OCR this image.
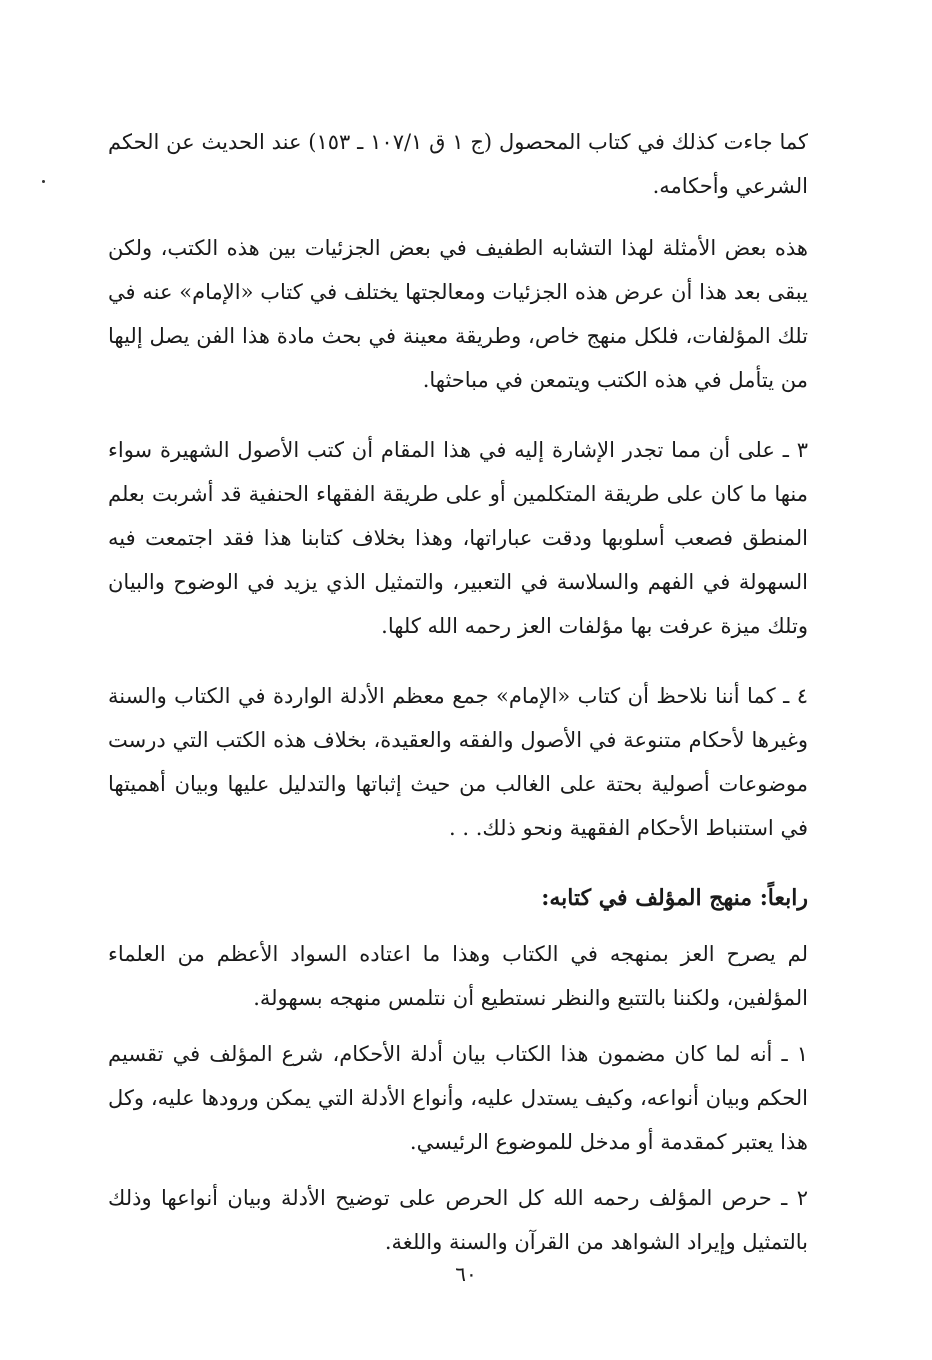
كما جاءت كذلك في كتاب المحصول (ج ١ ق ١٠٧/١ ـ ١٥٣) عند الحديث عن الحكم الشرعي وأحكامه.

هذه بعض الأمثلة لهذا التشابه الطفيف في بعض الجزئيات بين هذه الكتب، ولكن يبقى بعد هذا أن عرض هذه الجزئيات ومعالجتها يختلف في كتاب «الإمام» عنه في تلك المؤلفات، فلكل منهج خاص، وطريقة معينة في بحث مادة هذا الفن يصل إليها من يتأمل في هذه الكتب ويتمعن في مباحثها.

٣ ـ على أن مما تجدر الإشارة إليه في هذا المقام أن كتب الأصول الشهيرة سواء منها ما كان على طريقة المتكلمين أو على طريقة الفقهاء الحنفية قد أشربت بعلم المنطق فصعب أسلوبها ودقت عباراتها، وهذا بخلاف كتابنا هذا فقد اجتمعت فيه السهولة في الفهم والسلاسة في التعبير، والتمثيل الذي يزيد في الوضوح والبيان وتلك ميزة عرفت بها مؤلفات العز رحمه الله كلها.

٤ ـ كما أننا نلاحظ أن كتاب «الإمام» جمع معظم الأدلة الواردة في الكتاب والسنة وغيرها لأحكام متنوعة في الأصول والفقه والعقيدة، بخلاف هذه الكتب التي درست موضوعات أصولية بحتة على الغالب من حيث إثباتها والتدليل عليها وبيان أهميتها في استنباط الأحكام الفقهية ونحو ذلك. . .

رابعاً: منهج المؤلف في كتابه:

لم يصرح العز بمنهجه في الكتاب وهذا ما اعتاده السواد الأعظم من العلماء المؤلفين، ولكننا بالتتبع والنظر نستطيع أن نتلمس منهجه بسهولة.

١ ـ أنه لما كان مضمون هذا الكتاب بيان أدلة الأحكام، شرع المؤلف في تقسيم الحكم وبيان أنواعه، وكيف يستدل عليه، وأنواع الأدلة التي يمكن ورودها عليه، وكل هذا يعتبر كمقدمة أو مدخل للموضوع الرئيسي.

٢ ـ حرص المؤلف رحمه الله كل الحرص على توضيح الأدلة وبيان أنواعها وذلك بالتمثيل وإيراد الشواهد من القرآن والسنة واللغة.

٦٠
